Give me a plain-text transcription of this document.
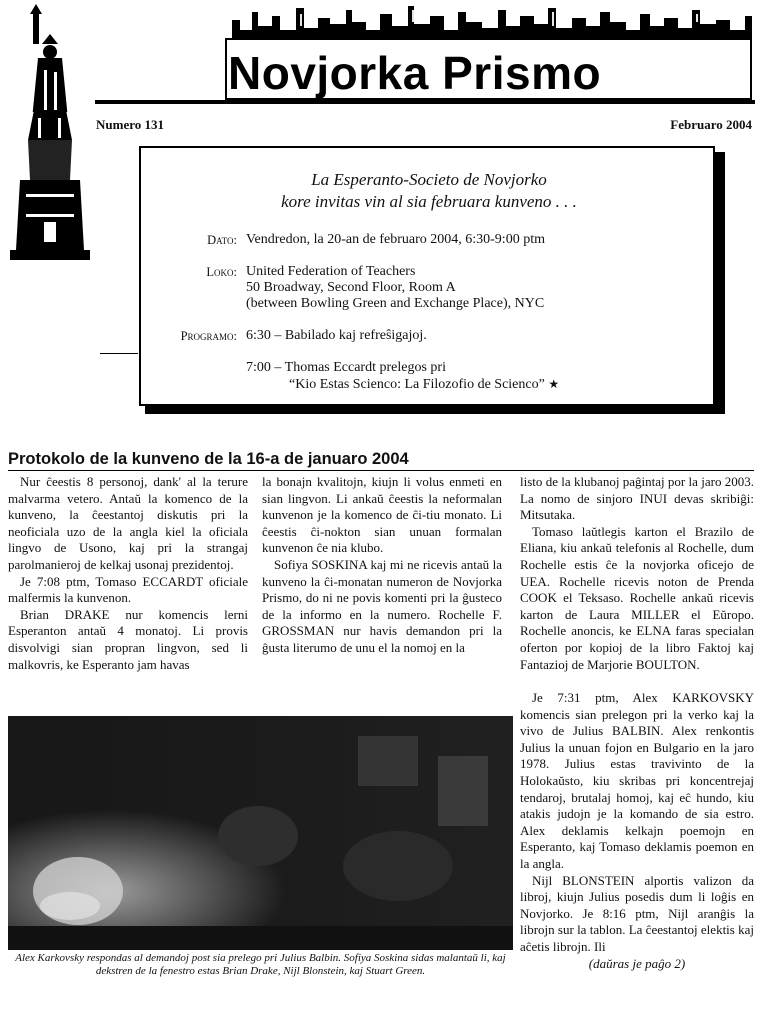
Novjorka Prismo
Numero 131	Februaro 2004
La Esperanto-Societo de Novjorko
kore invitas vin al sia februara kunveno . . .
Dato: Vendredon, la 20-an de februaro 2004, 6:30-9:00 ptm
Loko: United Federation of Teachers
50 Broadway, Second Floor, Room A
(between Bowling Green and Exchange Place), NYC
Programo: 6:30 – Babilado kaj refreŝigajoj.
7:00 – Thomas Eccardt prelegos pri
“Kio Estas Scienco: La Filozofio de Scienco” ★
Protokolo de la kunveno de la 16-a de januaro 2004

Nur ĉeestis 8 personoj, dank' al la terure malvarma vetero. Antaŭ la komenco de la kunveno, la ĉeestantoj diskutis pri la neoficiala uzo de la angla kiel la oficiala lingvo de Usono, kaj pri la strangaj parolmanieroj de kelkaj usonaj prezidentoj.

Je 7:08 ptm, Tomaso ECCARDT oficiale malfermis la kunvenon.

Brian DRAKE nur komencis lerni Esperanton antaŭ 4 monatoj. Li provis disvolvigi sian propran lingvon, sed li malkovris, ke Esperanto jam havas

la bonajn kvalitojn, kiujn li volus enmeti en sian lingvon. Li ankaŭ ĉeestis la neformalan kunvenon je la komenco de ĉi-tiu monato. Li ĉeestis ĉi-nokton sian unuan formalan kunvenon ĉe nia klubo.

Sofiya SOSKINA kaj mi ne ricevis antaŭ la kunveno la ĉi-monatan numeron de Novjorka Prismo, do ni ne povis komenti pri la ĝusteco de la informo en la numero. Rochelle F. GROSSMAN nur havis demandon pri la ĝusta literumo de unu el la nomoj en la

listo de la klubanoj paĝintaj por la jaro 2003. La nomo de sinjoro INUI devas skribiĝi: Mitsutaka.

Tomaso laŭtlegis karton el Brazilo de Eliana, kiu ankaŭ telefonis al Rochelle, dum Rochelle estis ĉe la novjorka oficejo de UEA. Rochelle ricevis noton de Prenda COOK el Teksaso. Rochelle ankaŭ ricevis karton de Laura MILLER el Eŭropo. Rochelle anoncis, ke ELNA faras specialan oferton por kopioj de la libro Faktoj kaj Fantazioj de Marjorie BOULTON.

Je 7:31 ptm, Alex KARKOVSKY komencis sian prelegon pri la verko kaj la vivo de Julius BALBIN. Alex renkontis Julius la unuan fojon en Bulgario en la jaro 1978. Julius estas travivinto de la Holokaŭsto, kiu skribas pri koncentrejaj tendaroj, brutalaj homoj, kaj eĉ hundo, kiu atakis judojn je la komando de sia estro. Alex deklamis kelkajn poemojn en Esperanto, kaj Tomaso deklamis poemon en la angla.

Nijl BLONSTEIN alportis valizon da libroj, kiujn Julius posedis dum li loĝis en Novjorko. Je 8:16 ptm, Nijl aranĝis la librojn sur la tablon. La ĉeestantoj elektis kaj aĉetis librojn. Ili

(daŭras je paĝo 2)

Alex Karkovsky respondas al demandoj post sia prelego pri Julius Balbin. Sofiya Soskina sidas malantaŭ li, kaj dekstren de la fenestro estas Brian Drake, Nijl Blonstein, kaj Stuart Green.
